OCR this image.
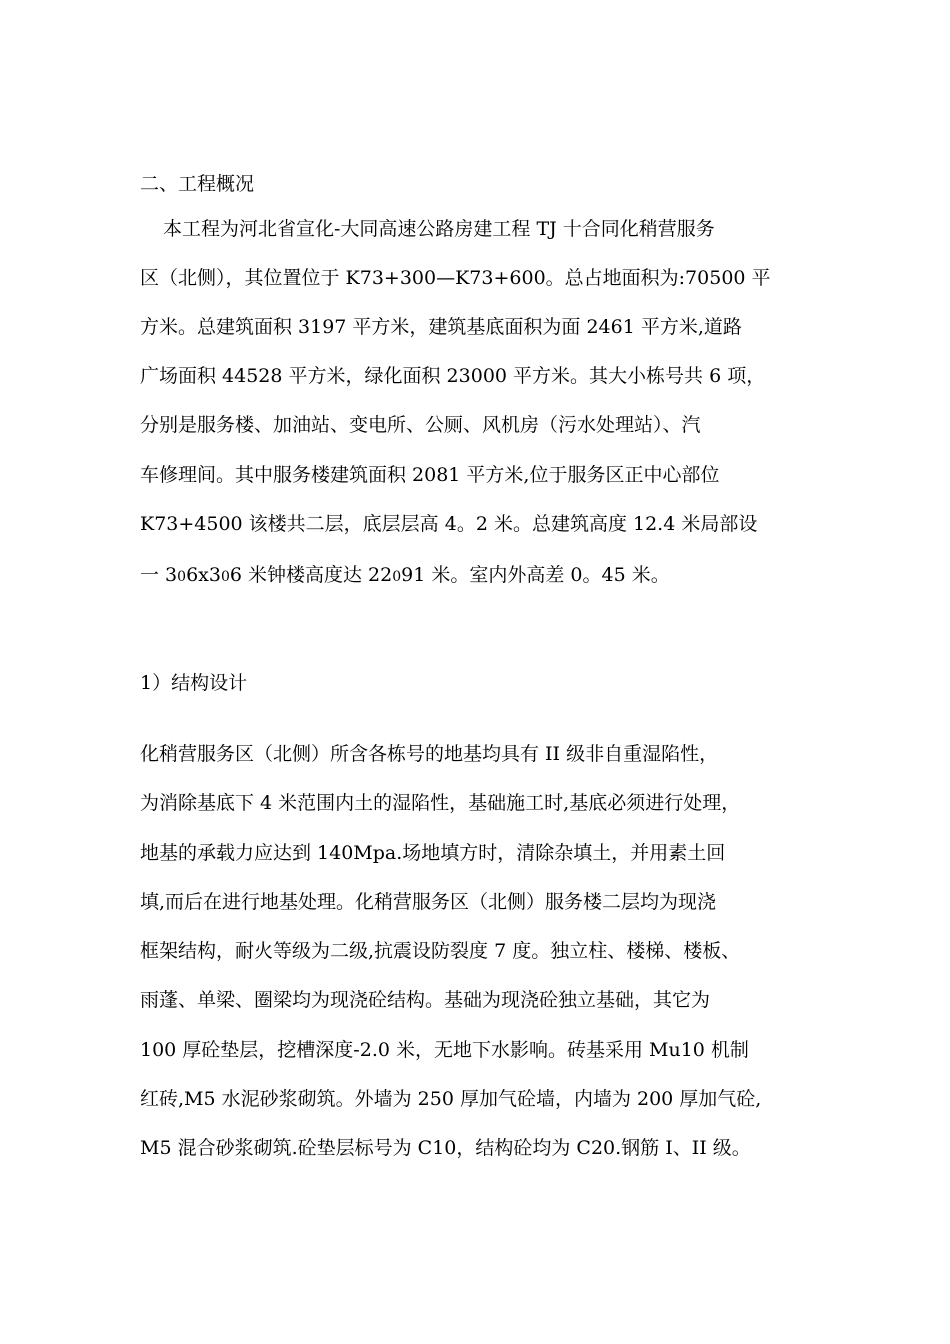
二、工程概况
本工程为河北省宣化-大同高速公路房建工程 TJ 十合同化稍营服务
区（北侧），其位置位于 K73+300—K73+600。总占地面积为:70500 平
方米。总建筑面积 3197 平方米，建筑基底面积为面 2461 平方米,道路
广场面积 44528 平方米，绿化面积 23000 平方米。其大小栋号共 6 项，
分别是服务楼、加油站、变电所、公厕、风机房（污水处理站）、汽
车修理间。其中服务楼建筑面积 2081 平方米,位于服务区正中心部位
K73+4500 该楼共二层，底层层高 4。2 米。总建筑高度 12.4 米局部设
一 306x306 米钟楼高度达 22091 米。室内外高差 0。45 米。
1）结构设计
化稍营服务区（北侧）所含各栋号的地基均具有 II 级非自重湿陷性，
为消除基底下 4 米范围内土的湿陷性，基础施工时,基底必须进行处理，
地基的承载力应达到 140Mpa.场地填方时，清除杂填土，并用素土回
填,而后在进行地基处理。化稍营服务区（北侧）服务楼二层均为现浇
框架结构，耐火等级为二级,抗震设防裂度 7 度。独立柱、楼梯、楼板、
雨蓬、单梁、圈梁均为现浇砼结构。基础为现浇砼独立基础，其它为
100 厚砼垫层，挖槽深度-2.0 米，无地下水影响。砖基采用 Mu10 机制
红砖,M5 水泥砂浆砌筑。外墙为 250 厚加气砼墙，内墙为 200 厚加气砼,
M5 混合砂浆砌筑.砼垫层标号为 C10，结构砼均为 C20.钢筋 I、II 级。
